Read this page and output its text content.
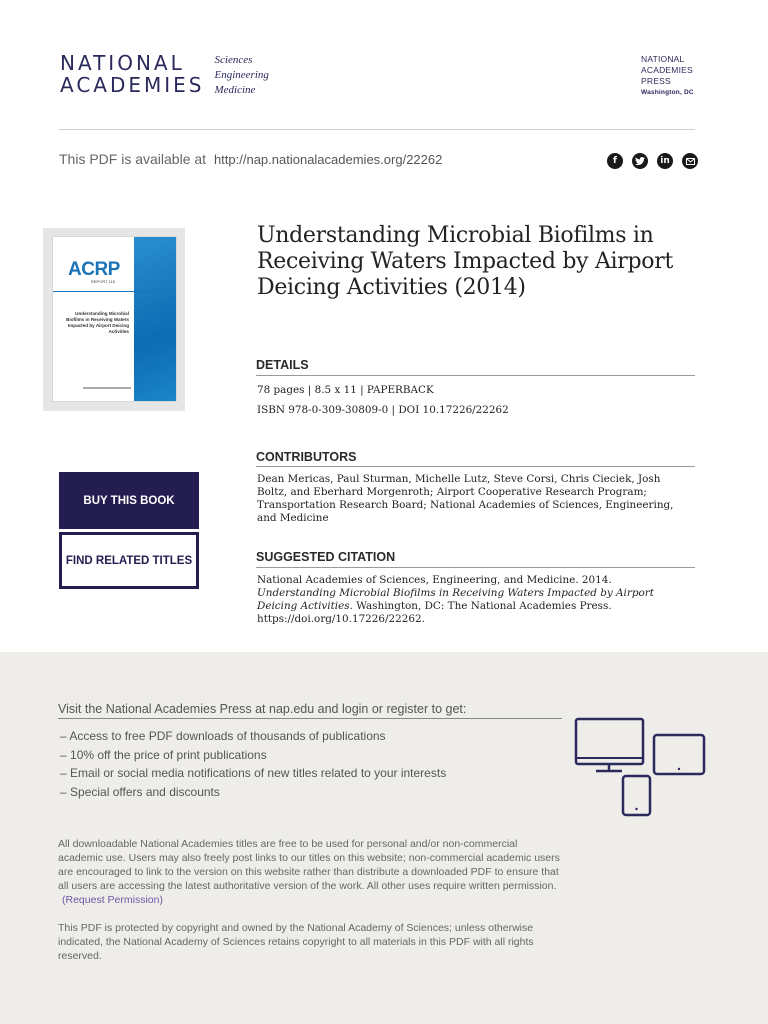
NATIONAL
ACADEMIES
Sciences
Engineering
Medicine
NATIONAL
ACADEMIES
PRESS
Washington, DC
This PDF is available at http://nap.nationalacademies.org/22262	f	in
ACRP
REPORT 115
Understanding Microbial Biofilms in Receiving Waters Impacted by Airport Deicing Activities
Understanding Microbial Biofilms in Receiving Waters Impacted by Airport Deicing Activities (2014)
DETAILS
78 pages | 8.5 x 11 | PAPERBACK
ISBN 978-0-309-30809-0 | DOI 10.17226/22262
CONTRIBUTORS
Dean Mericas, Paul Sturman, Michelle Lutz, Steve Corsi, Chris Cieciek, Josh Boltz, and Eberhard Morgenroth; Airport Cooperative Research Program; Transportation Research Board; National Academies of Sciences, Engineering, and Medicine
SUGGESTED CITATION
National Academies of Sciences, Engineering, and Medicine. 2014. Understanding Microbial Biofilms in Receiving Waters Impacted by Airport Deicing Activities. Washington, DC: The National Academies Press. https://doi.org/10.17226/22262.
BUY THIS BOOK
FIND RELATED TITLES
Visit the National Academies Press at nap.edu and login or register to get:
– Access to free PDF downloads of thousands of publications
– 10% off the price of print publications
– Email or social media notifications of new titles related to your interests
– Special offers and discounts
All downloadable National Academies titles are free to be used for personal and/or non-commercial academic use. Users may also freely post links to our titles on this website; non-commercial academic users are encouraged to link to the version on this website rather than distribute a downloaded PDF to ensure that all users are accessing the latest authoritative version of the work. All other uses require written permission.(Request Permission)
This PDF is protected by copyright and owned by the National Academy of Sciences; unless otherwise indicated, the National Academy of Sciences retains copyright to all materials in this PDF with all rights reserved.
